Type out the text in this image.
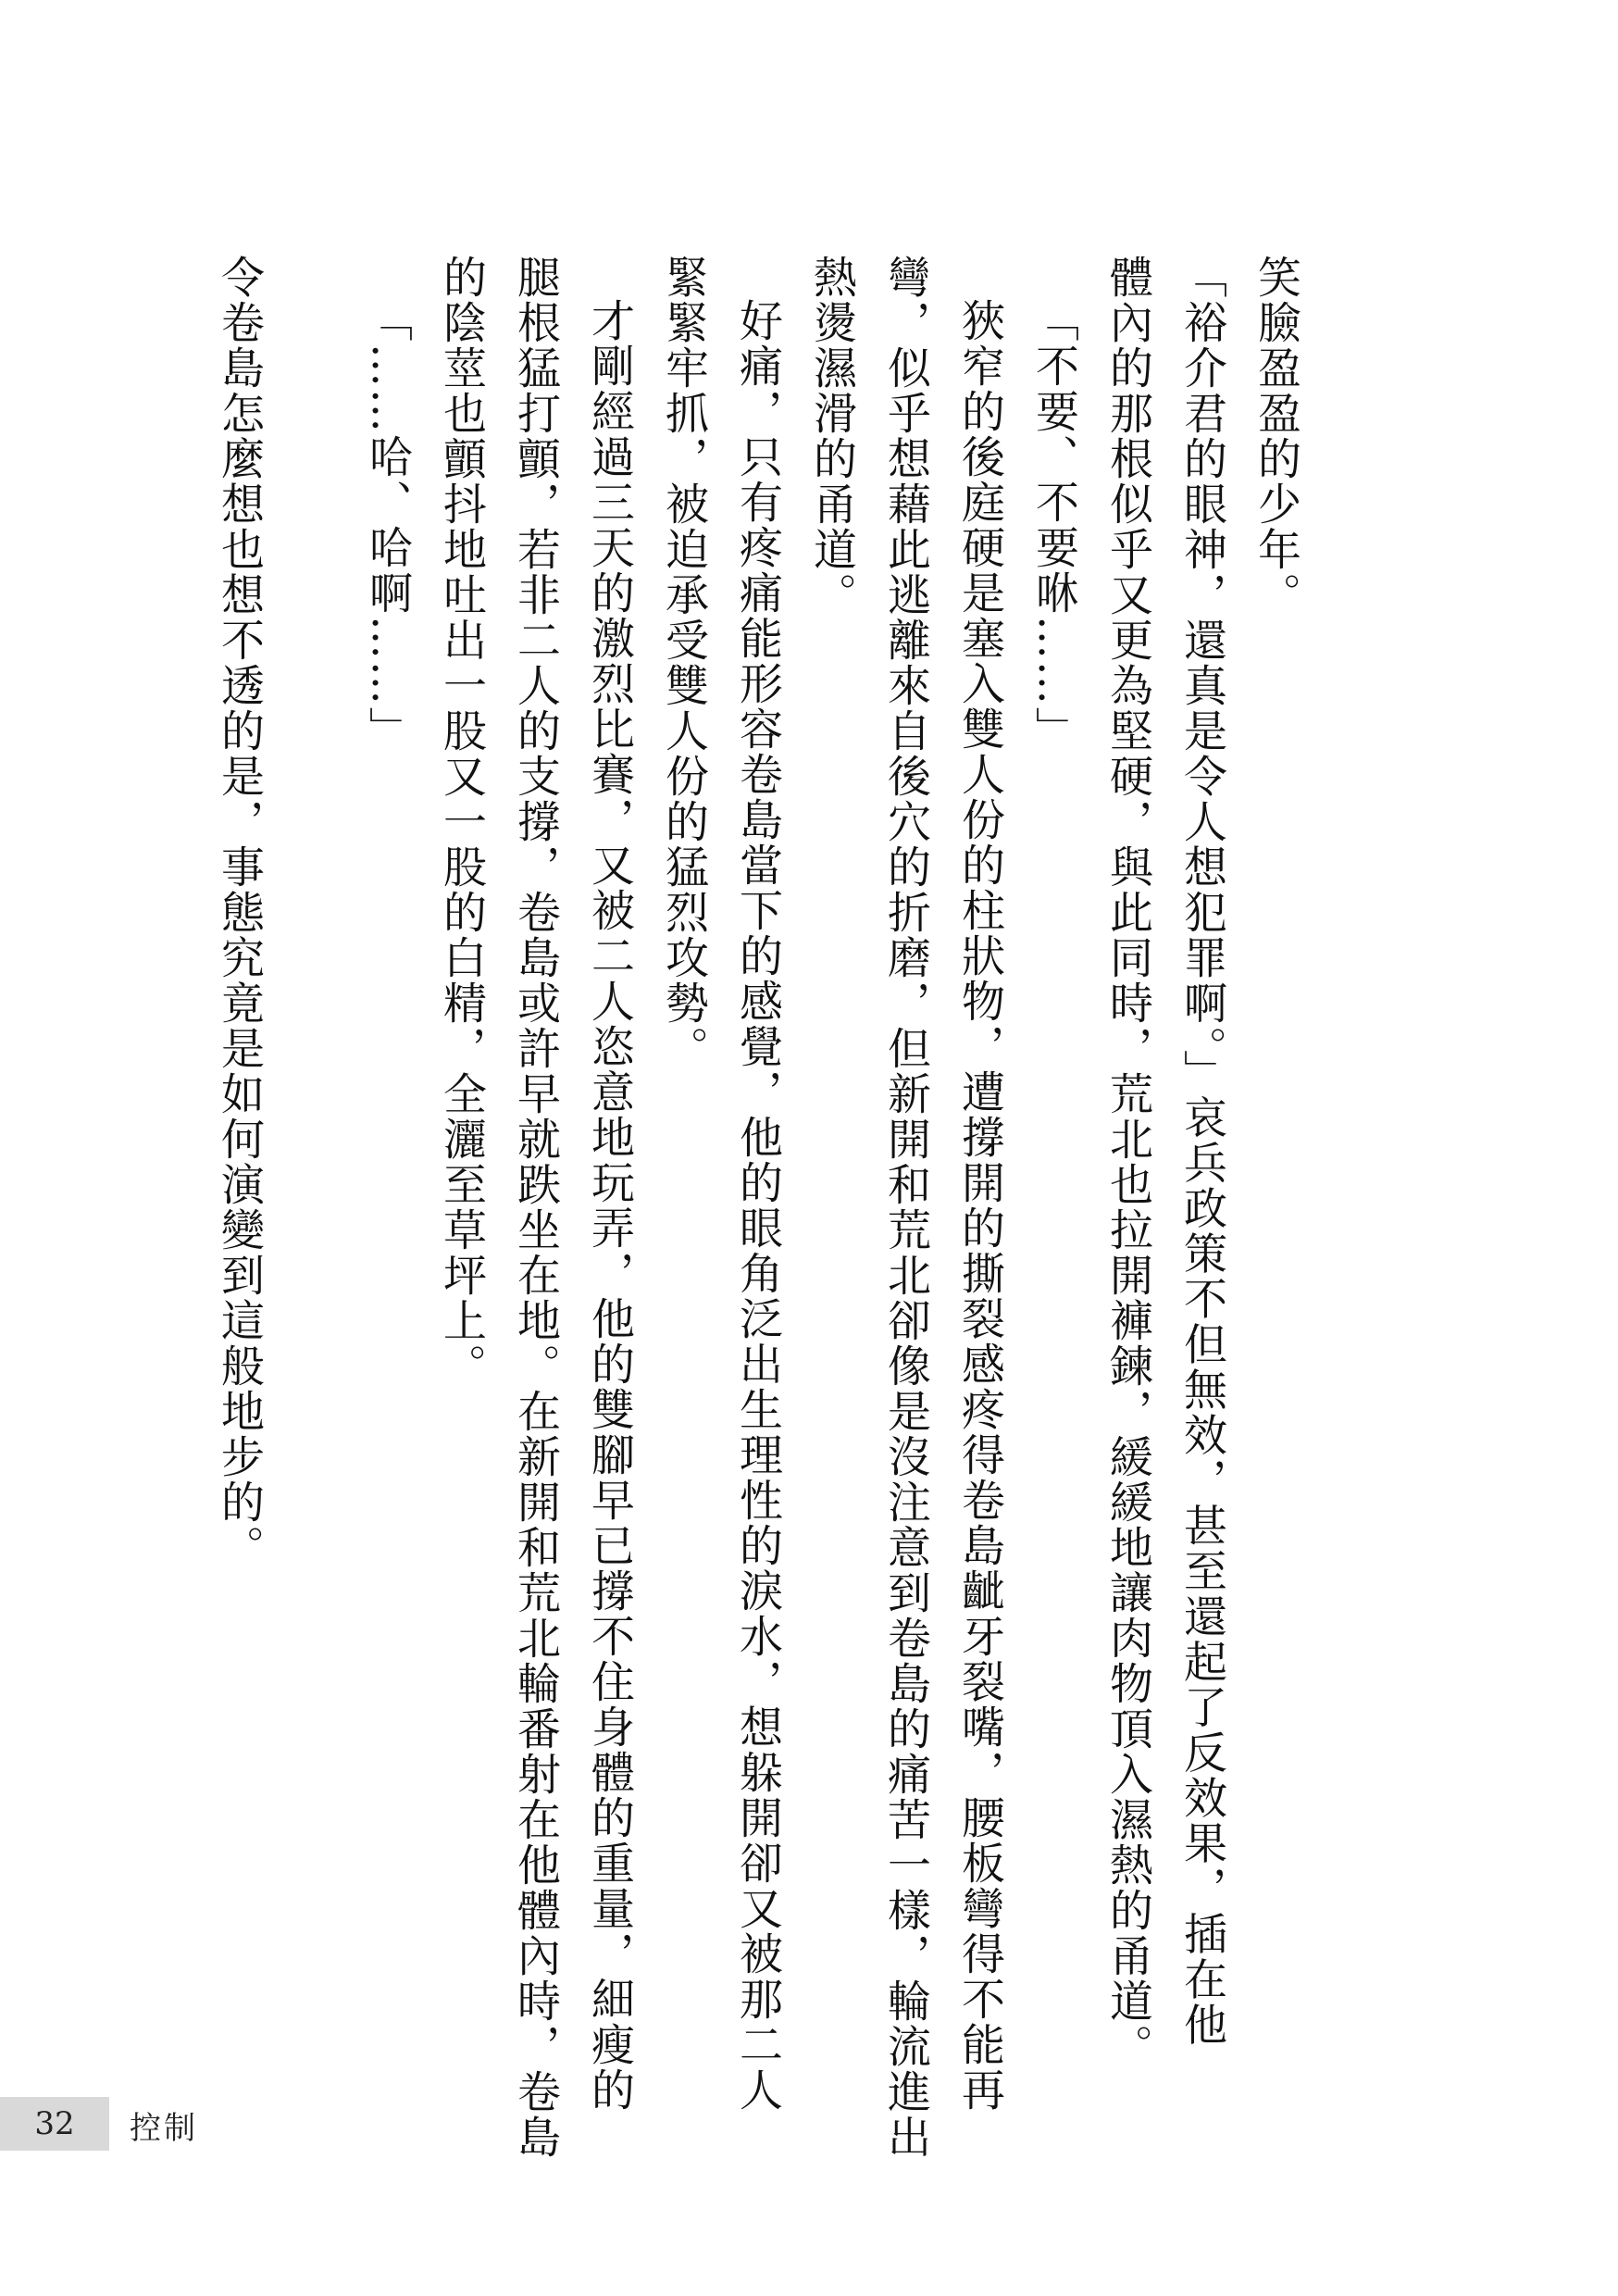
笑臉盈盈的少年。

「裕介君的眼神，還真是令人想犯罪啊。」哀兵政策不但無效，甚至還起了反效果，插在他

體內的那根似乎又更為堅硬，與此同時，荒北也拉開褲鍊，緩緩地讓肉物頂入濕熱的甬道。

「不要、不要咻……」

狹窄的後庭硬是塞入雙人份的柱狀物，遭撐開的撕裂感疼得卷島齜牙裂嘴，腰板彎得不能再

彎，似乎想藉此逃離來自後穴的折磨，但新開和荒北卻像是沒注意到卷島的痛苦一樣，輪流進出

熱燙濕滑的甬道。

好痛，只有疼痛能形容卷島當下的感覺，他的眼角泛出生理性的淚水，想躲開卻又被那二人

緊緊牢抓，被迫承受雙人份的猛烈攻勢。

才剛經過三天的激烈比賽，又被二人恣意地玩弄，他的雙腳早已撐不住身體的重量，細瘦的

腿根猛打顫，若非二人的支撐，卷島或許早就跌坐在地。在新開和荒北輪番射在他體內時，卷島

的陰莖也顫抖地吐出一股又一股的白精，全灑至草坪上。

「……哈、哈啊……」

令卷島怎麼想也想不透的是，事態究竟是如何演變到這般地步的。

32	控制
